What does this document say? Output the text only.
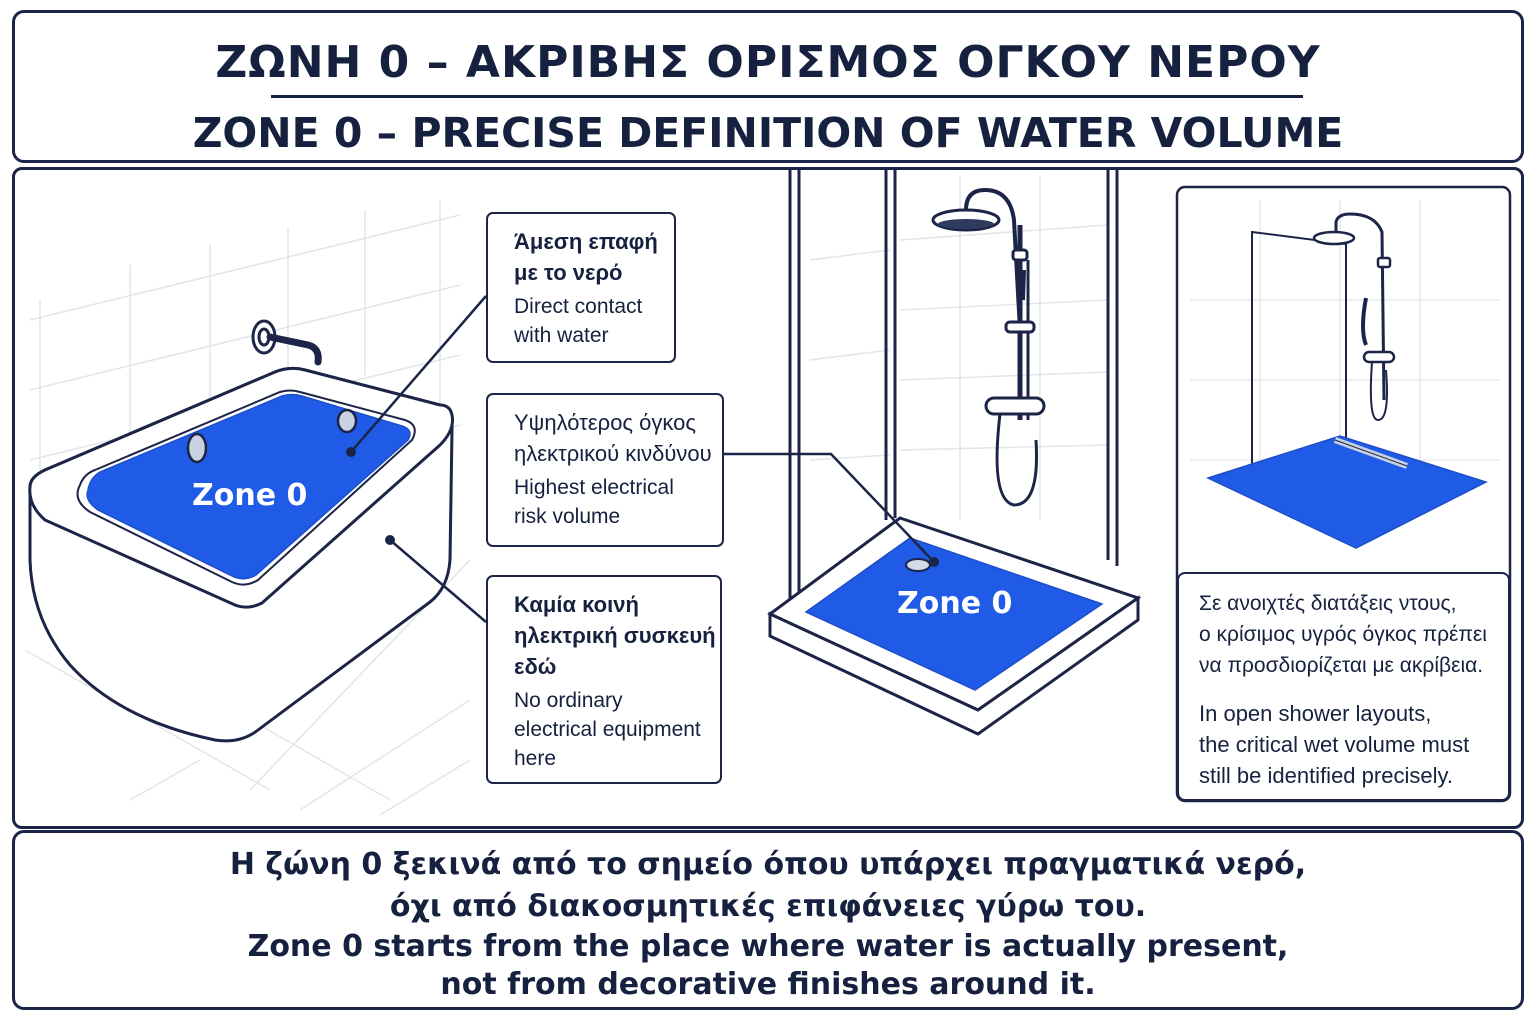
ΖΩΝΗ 0 – ΑΚΡΙΒΗΣ ΟΡΙΣΜΟΣ ΟΓΚΟΥ ΝΕΡΟΥ
ZONE 0 – PRECISE DEFINITION OF WATER VOLUME
Zone 0
Zone 0
Άμεση επαφή
με το νερό
Direct contact
with water
Υψηλότερος όγκος
ηλεκτρικού κινδύνου
Highest electrical
risk volume
Καμία κοινή
ηλεκτρική συσκευή
εδώ
No ordinary
electrical equipment
here
Σε ανοιχτές διατάξεις ντους,
ο κρίσιμος υγρός όγκος πρέπει
να προσδιορίζεται με ακρίβεια.
In open shower layouts,
the critical wet volume must
still be identified precisely.
Η ζώνη 0 ξεκινά από το σημείο όπου υπάρχει πραγματικά νερό,
όχι από διακοσμητικές επιφάνειες γύρω του.
Zone 0 starts from the place where water is actually present,
not from decorative finishes around it.
